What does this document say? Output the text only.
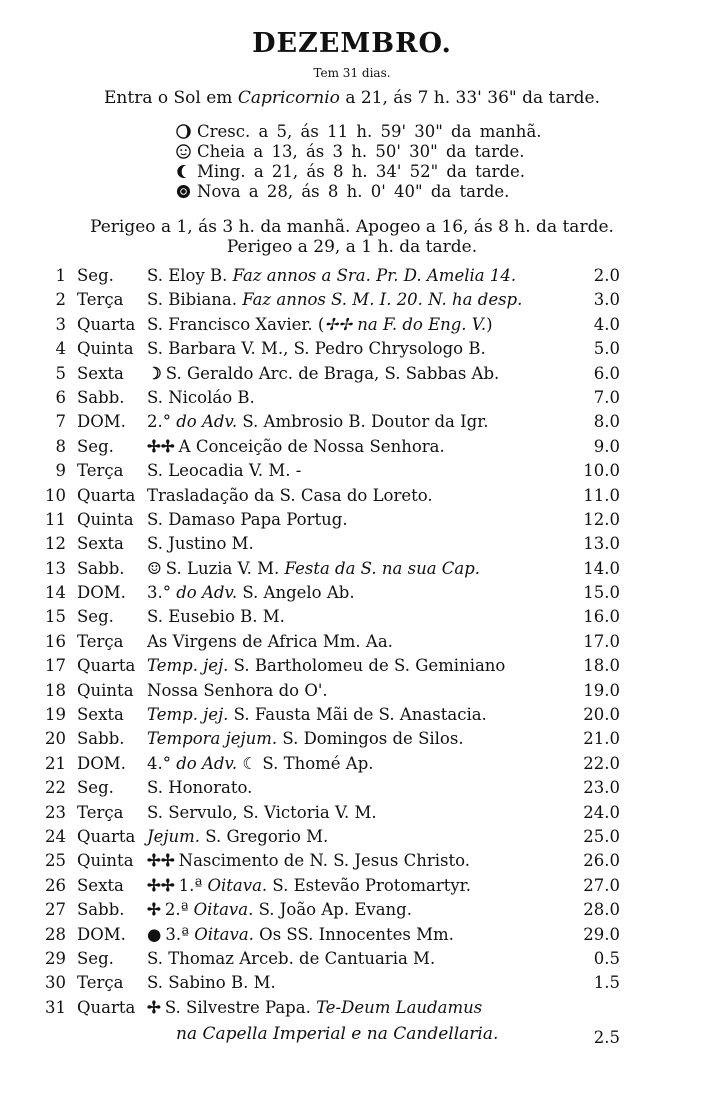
DEZEMBRO.
Tem 31 dias.
Entra o Sol em Capricornio a 21, ás 7 h. 33' 36" da tarde.
Cresc. a 5, ás 11 h. 59' 30" da manhã.
Cheia a 13, ás 3 h. 50' 30" da tarde.
Ming. a 21, ás 8 h. 34' 52" da tarde.
Nova a 28, ás 8 h. 0' 40" da tarde.
Perigeo a 1, ás 3 h. da manhã. Apogeo a 16, ás 8 h. da tarde.
Perigeo a 29, a 1 h. da tarde.
1 Seg. S. Eloy B. Faz annos a Sra. Pr. D. Amelia 14.	2.0
2 Terça S. Bibiana. Faz annos S. M. I. 20. N. ha desp.	3.0
3 Quarta S. Francisco Xavier. (✢✢ na F. do Eng. V.)	4.0
4 Quinta S. Barbara V. M., S. Pedro Chrysologo B.	5.0
5 Sexta ☽ S. Geraldo Arc. de Braga, S. Sabbas Ab.	6.0
6 Sabb. S. Nicoláo B.	7.0
7 DOM. 2.° do Adv. S. Ambrosio B. Doutor da Igr.	8.0
8 Seg. ✢✢ A Conceição de Nossa Senhora.	9.0
9 Terça S. Leocadia V. M. -	10.0
10 Quarta Trasladação da S. Casa do Loreto.	11.0
11 Quinta S. Damaso Papa Portug.	12.0
12 Sexta S. Justino M.	13.0
13 Sabb. ☺ S. Luzia V. M. Festa da S. na sua Cap.	14.0
14 DOM. 3.° do Adv. S. Angelo Ab.	15.0
15 Seg. S. Eusebio B. M.	16.0
16 Terça As Virgens de Africa Mm. Aa.	17.0
17 Quarta Temp. jej. S. Bartholomeu de S. Geminiano	18.0
18 Quinta Nossa Senhora do O'.	19.0
19 Sexta Temp. jej. S. Fausta Mãi de S. Anastacia.	20.0
20 Sabb. Tempora jejum. S. Domingos de Silos.	21.0
21 DOM. 4.° do Adv. ☾ S. Thomé Ap.	22.0
22 Seg. S. Honorato.	23.0
23 Terça S. Servulo, S. Victoria V. M.	24.0
24 Quarta Jejum. S. Gregorio M.	25.0
25 Quinta ✢✢ Nascimento de N. S. Jesus Christo.	26.0
26 Sexta ✢✢ 1.ª Oitava. S. Estevão Protomartyr.	27.0
27 Sabb. ✢ 2.ª Oitava. S. João Ap. Evang.	28.0
28 DOM. ● 3.ª Oitava. Os SS. Innocentes Mm.	29.0
29 Seg. S. Thomaz Arceb. de Cantuaria M.	0.5
30 Terça S. Sabino B. M.	1.5
31 Quarta ✢ S. Silvestre Papa. Te-Deum Laudamus
na Capella Imperial e na Candellaria.	2.5
